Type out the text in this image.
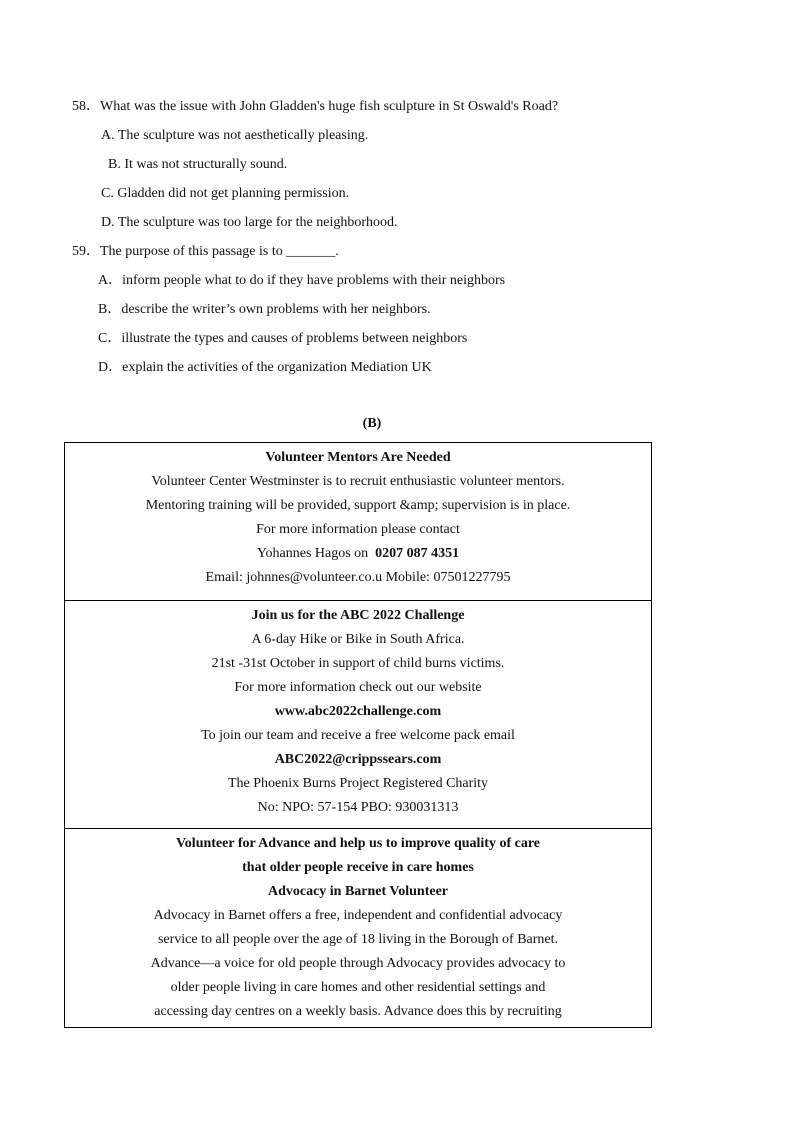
58．What was the issue with John Gladden's huge fish sculpture in St Oswald's Road?
A. The sculpture was not aesthetically pleasing.
B. It was not structurally sound.
C. Gladden did not get planning permission.
D. The sculpture was too large for the neighborhood.
59．The purpose of this passage is to _______.
A．inform people what to do if they have problems with their neighbors
B．describe the writer’s own problems with her neighbors.
C．illustrate the types and causes of problems between neighbors
D．explain the activities of the organization Mediation UK
(B)
Volunteer Mentors Are Needed
Volunteer Center Westminster is to recruit enthusiastic volunteer mentors.
Mentoring training will be provided, support &amp; supervision is in place.
For more information please contact
Yohannes Hagos on 0207 087 4351
Email: johnnes@volunteer.co.u Mobile: 07501227795
Join us for the ABC 2022 Challenge
A 6-day Hike or Bike in South Africa.
21st -31st October in support of child burns victims.
For more information check out our website
www.abc2022challenge.com
To join our team and receive a free welcome pack email
ABC2022@crippssears.com
The Phoenix Burns Project Registered Charity
No: NPO: 57-154 PBO: 930031313
Volunteer for Advance and help us to improve quality of care
that older people receive in care homes
Advocacy in Barnet Volunteer
Advocacy in Barnet offers a free, independent and confidential advocacy
service to all people over the age of 18 living in the Borough of Barnet.
Advance—a voice for old people through Advocacy provides advocacy to
older people living in care homes and other residential settings and
accessing day centres on a weekly basis. Advance does this by recruiting
